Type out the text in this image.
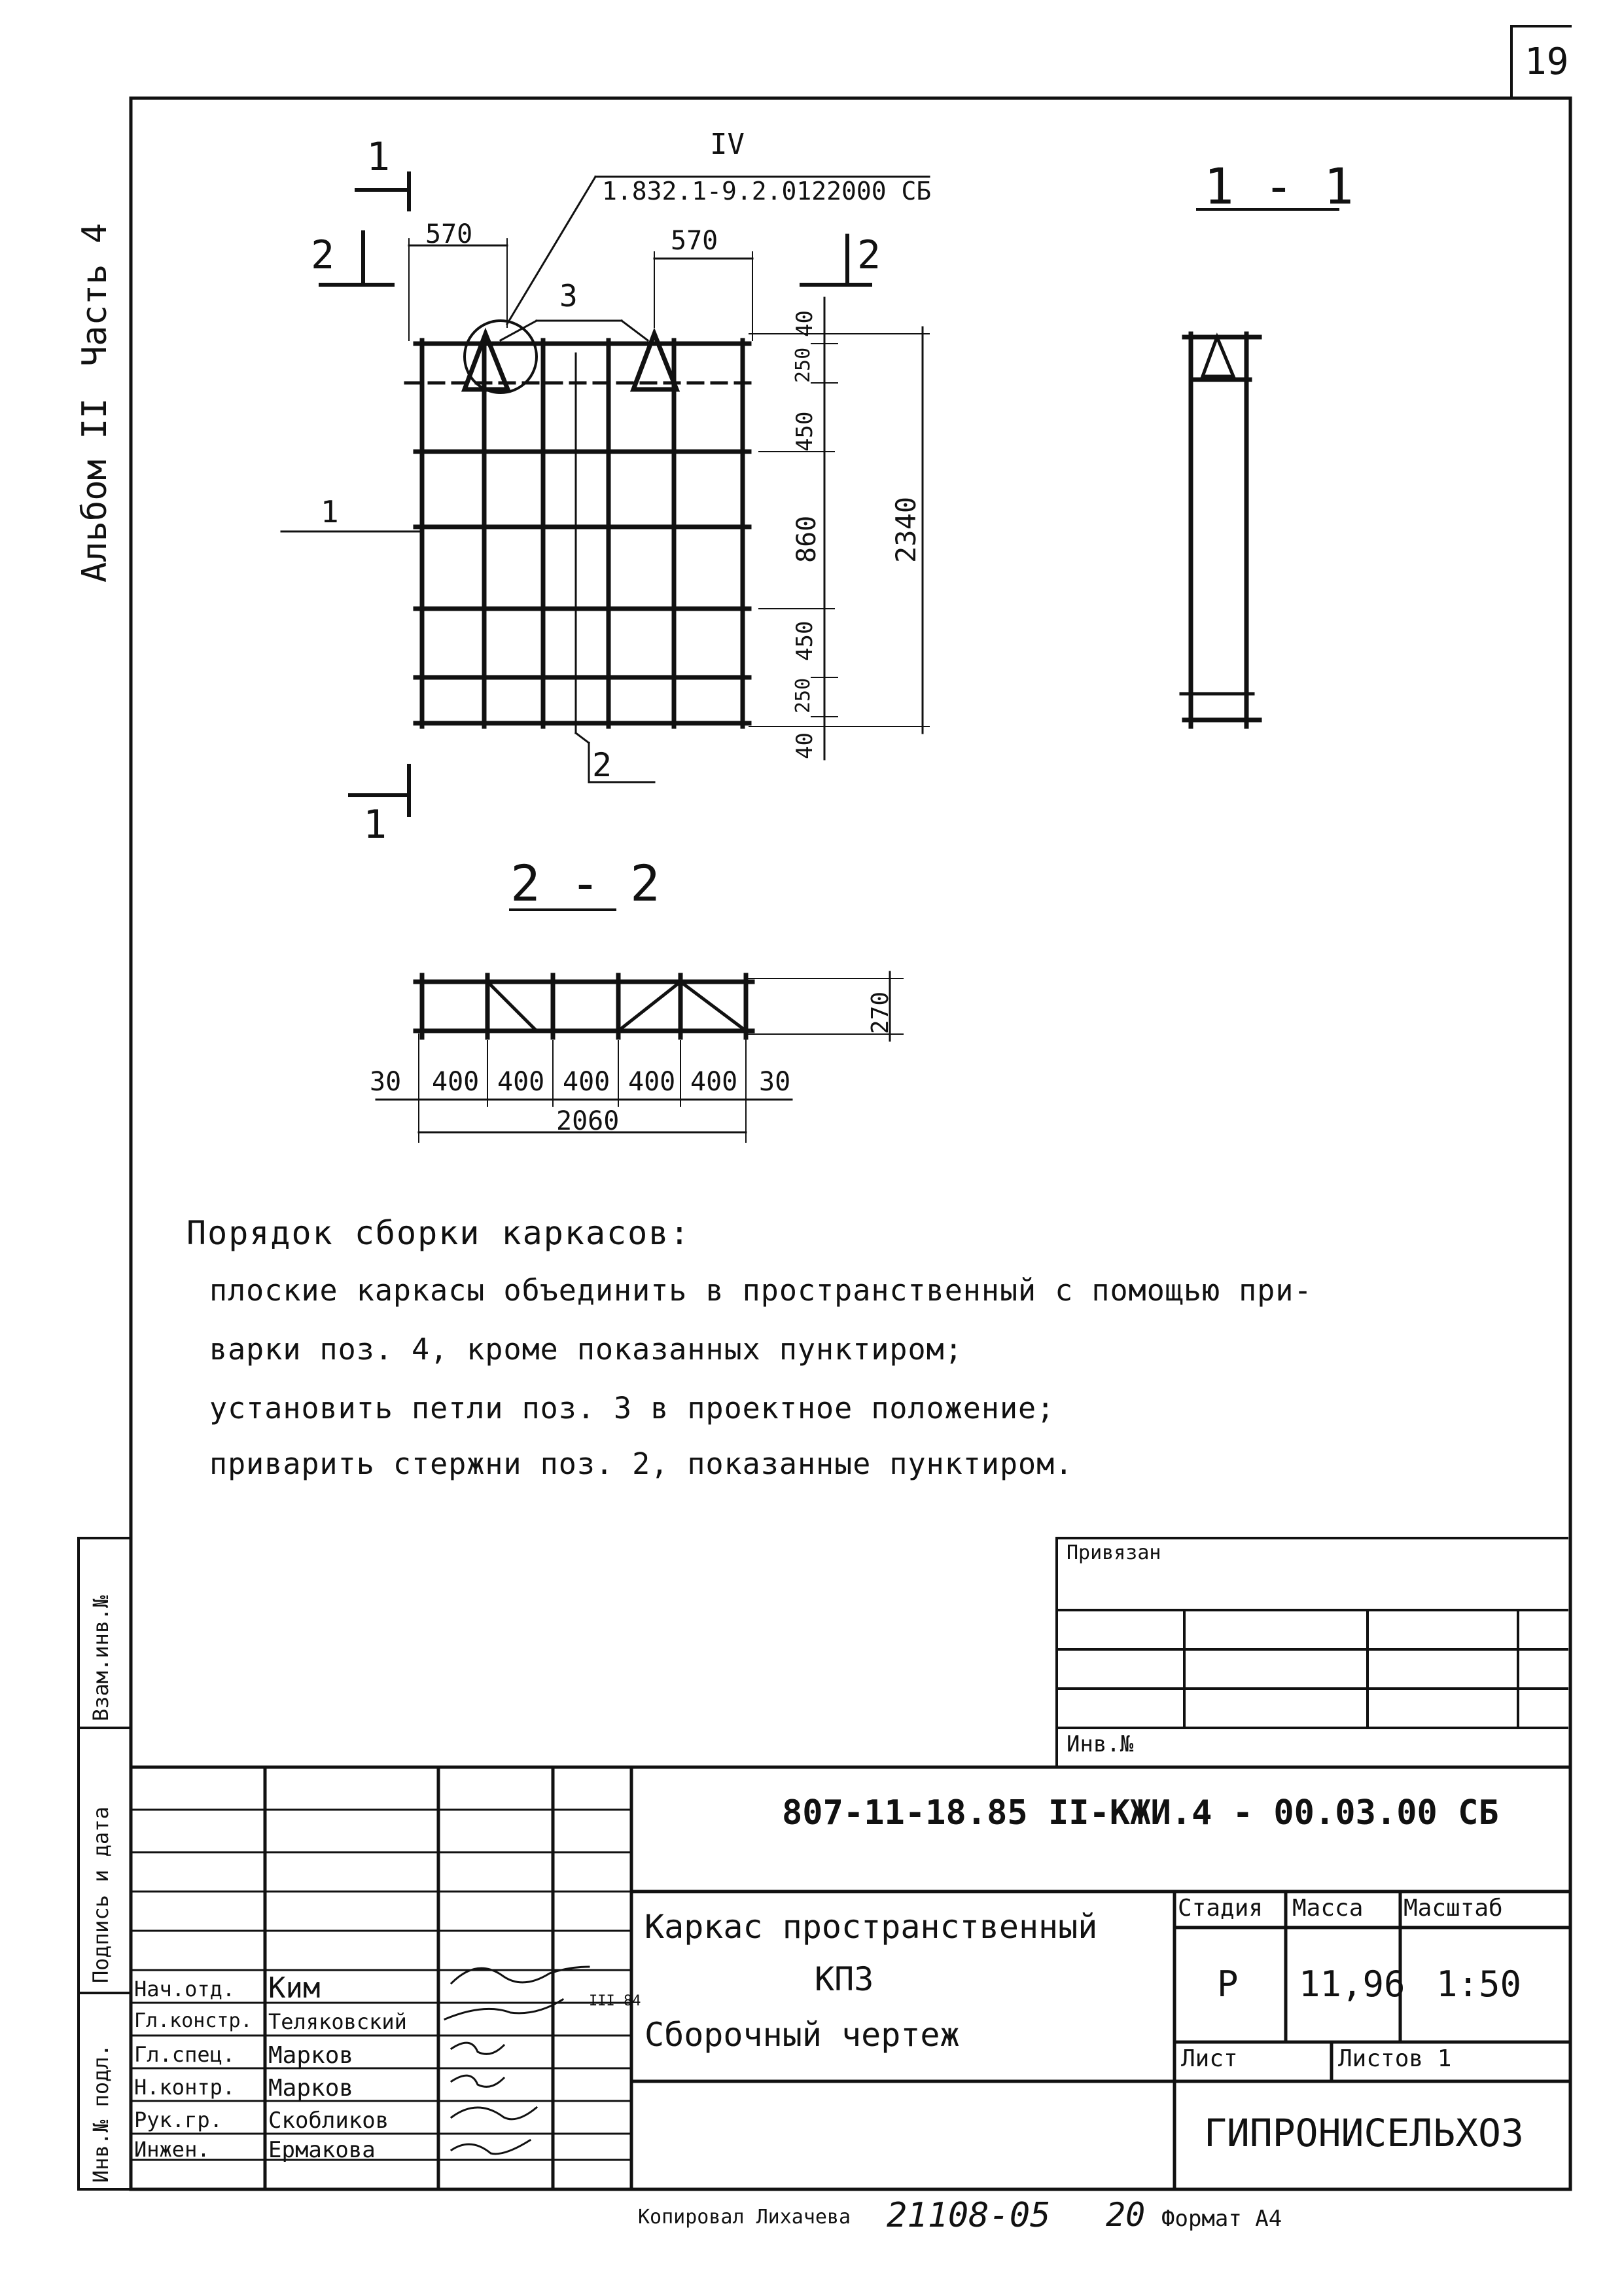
19
Часть 4
Альбом II
Взам.инв.№
Подпись и дата
Инв.№ подл.
IV
1.832.1-9.2.0122000 СБ
1
2	2
1
570	570
3
1
2
40
250
450
860
450
250
40
2340
1 - 1
2 - 2
270
30 400 400 400 400 400 30
2060
Порядок сборки каркасов:
плоские каркасы объединить в пространственный с помощью при-
варки поз. 4, кроме показанных пунктиром;
установить петли поз. 3 в проектное положение;
приварить стержни поз. 2, показанные пунктиром.
Привязан
Инв.№
807-11-18.85 II-КЖИ.4 - 00.03.00 СБ
Каркас пространственный
КП3
Сборочный чертеж
Стадия Масса Масштаб
Р 11,96 1:50
Лист	Листов 1
ГИПРОНИСЕЛЬХОЗ
Нач.отд. Ким
Гл.констр. Теляковский
Гл.спец. Марков
Н.контр. Марков
Рук.гр. Скобликов
Инжен.	Ермакова
III 84
Копировал Лихачева 21108-05 20 Формат А4
